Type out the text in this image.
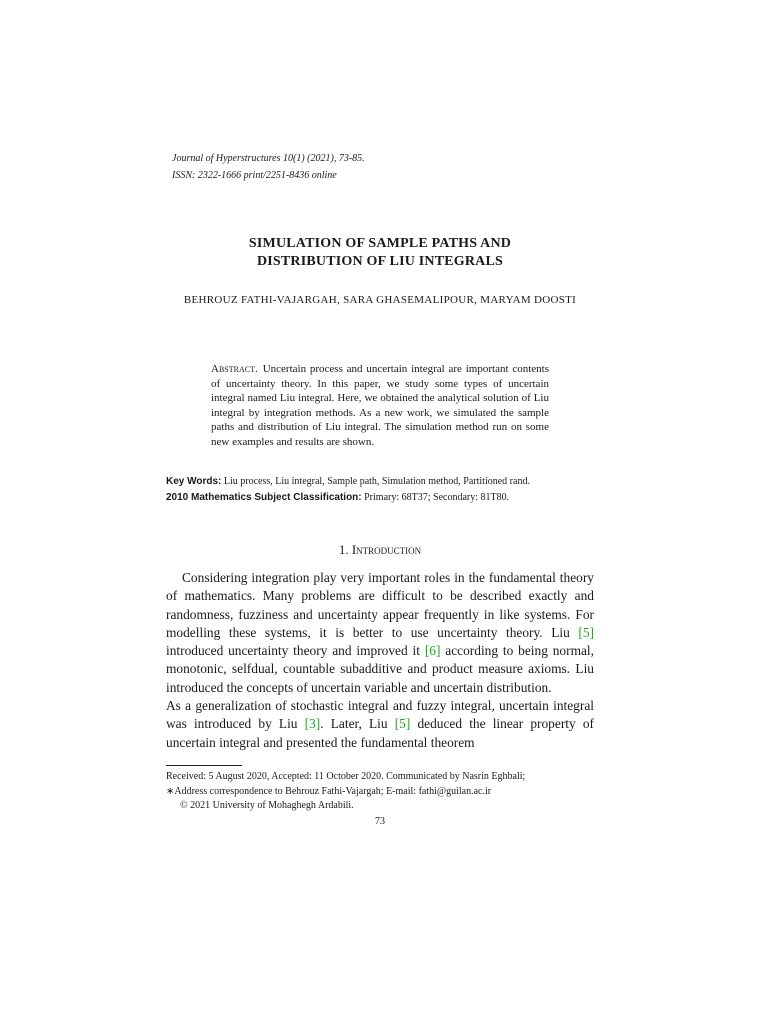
Journal of Hyperstructures 10(1) (2021), 73-85.
ISSN: 2322-1666 print/2251-8436 online
SIMULATION OF SAMPLE PATHS AND
DISTRIBUTION OF LIU INTEGRALS
BEHROUZ FATHI-VAJARGAH, SARA GHASEMALIPOUR, MARYAM DOOSTI
Abstract. Uncertain process and uncertain integral are important contents of uncertainty theory. In this paper, we study some types of uncertain integral named Liu integral. Here, we obtained the analytical solution of Liu integral by integration methods. As a new work, we simulated the sample paths and distribution of Liu integral. The simulation method run on some new examples and results are shown.
Key Words: Liu process, Liu integral, Sample path, Simulation method, Partitioned rand.
2010 Mathematics Subject Classification: Primary: 68T37; Secondary: 81T80.
1. Introduction

Considering integration play very important roles in the fundamental theory of mathematics. Many problems are difficult to be described exactly and randomness, fuzziness and uncertainty appear frequently in like systems. For modelling these systems, it is better to use uncertainty theory. Liu [5] introduced uncertainty theory and improved it [6] according to being normal, monotonic, selfdual, countable subadditive and product measure axioms. Liu introduced the concepts of uncertain variable and uncertain distribution.

As a generalization of stochastic integral and fuzzy integral, uncertain integral was introduced by Liu [3]. Later, Liu [5] deduced the linear property of uncertain integral and presented the fundamental theorem

Received: 5 August 2020, Accepted: 11 October 2020. Communicated by Nasrin Eghbali;
∗Address correspondence to Behrouz Fathi-Vajargah; E-mail: fathi@guilan.ac.ir
© 2021 University of Mohaghegh Ardabili.
73
